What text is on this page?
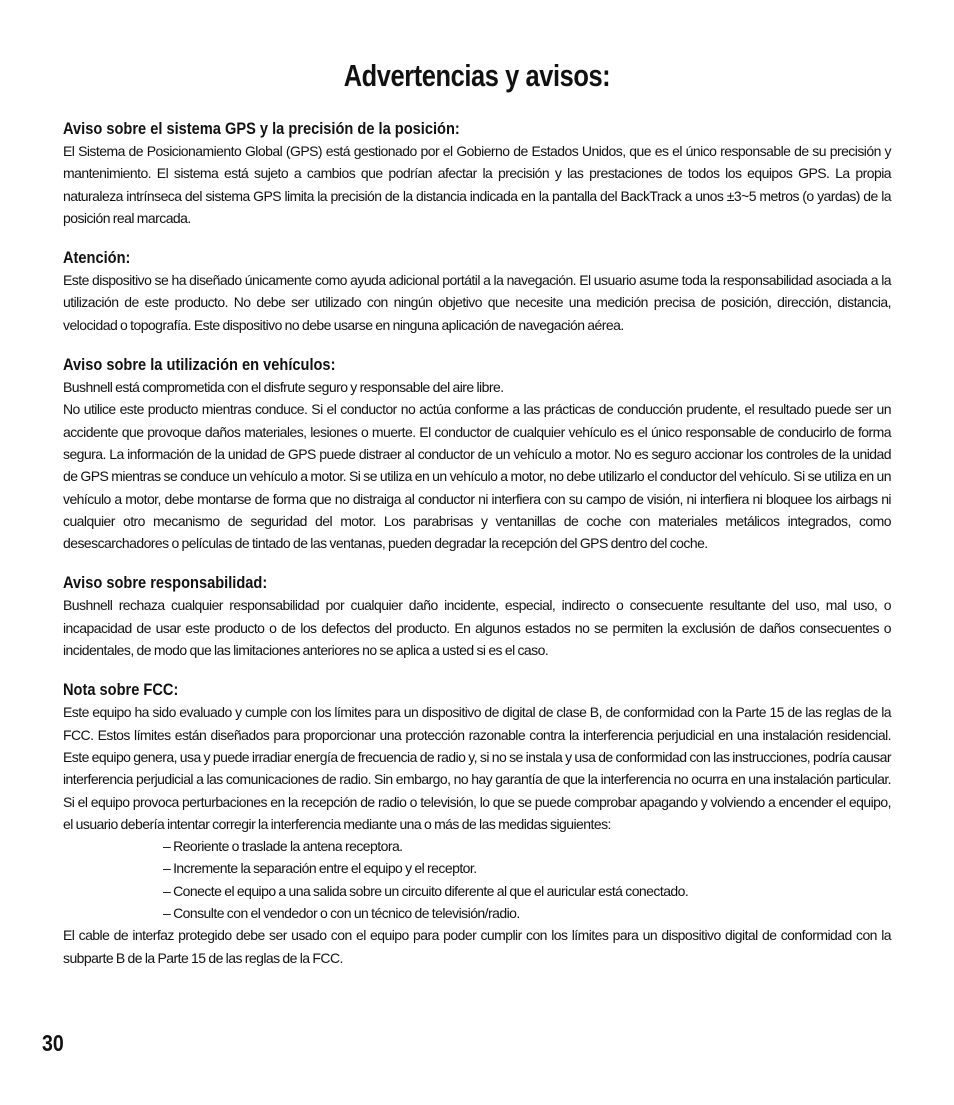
Advertencias y avisos:
Aviso sobre el sistema GPS y la precisión de la posición:

El Sistema de Posicionamiento Global (GPS) está gestionado por el Gobierno de Estados Unidos, que es el único responsable de su precisión y mantenimiento. El sistema está sujeto a cambios que podrían afectar la precisión y las prestaciones de todos los equipos GPS. La propia naturaleza intrínseca del sistema GPS limita la precisión de la distancia indicada en la pantalla del BackTrack a unos ±3~5 metros (o yardas) de la posición real marcada.

Atención:

Este dispositivo se ha diseñado únicamente como ayuda adicional portátil a la navegación. El usuario asume toda la responsabilidad asociada a la utilización de este producto. No debe ser utilizado con ningún objetivo que necesite una medición precisa de posición, dirección, distancia, velocidad o topografía. Este dispositivo no debe usarse en ninguna aplicación de navegación aérea.

Aviso sobre la utilización en vehículos:

Bushnell está comprometida con el disfrute seguro y responsable del aire libre.

No utilice este producto mientras conduce. Si el conductor no actúa conforme a las prácticas de conducción prudente, el resultado puede ser un accidente que provoque daños materiales, lesiones o muerte. El conductor de cualquier vehículo es el único responsable de conducirlo de forma segura. La información de la unidad de GPS puede distraer al conductor de un vehículo a motor. No es seguro accionar los controles de la unidad de GPS mientras se conduce un vehículo a motor. Si se utiliza en un vehículo a motor, no debe utilizarlo el conductor del vehículo. Si se utiliza en un vehículo a motor, debe montarse de forma que no distraiga al conductor ni interfiera con su campo de visión, ni interfiera ni bloquee los airbags ni cualquier otro mecanismo de seguridad del motor. Los parabrisas y ventanillas de coche con materiales metálicos integrados, como desescarchadores o películas de tintado de las ventanas, pueden degradar la recepción del GPS dentro del coche.

Aviso sobre responsabilidad:

Bushnell rechaza cualquier responsabilidad por cualquier daño incidente, especial, indirecto o consecuente resultante del uso, mal uso, o incapacidad de usar este producto o de los defectos del producto. En algunos estados no se permiten la exclusión de daños consecuentes o incidentales, de modo que las limitaciones anteriores no se aplica a usted si es el caso.

Nota sobre FCC:

Este equipo ha sido evaluado y cumple con los límites para un dispositivo de digital de clase B, de conformidad con la Parte 15 de las reglas de la FCC. Estos límites están diseñados para proporcionar una protección razonable contra la interferencia perjudicial en una instalación residencial. Este equipo genera, usa y puede irradiar energía de frecuencia de radio y, si no se instala y usa de conformidad con las instrucciones, podría causar interferencia perjudicial a las comunicaciones de radio. Sin embargo, no hay garantía de que la interferencia no ocurra en una instalación particular. Si el equipo provoca perturbaciones en la recepción de radio o televisión, lo que se puede comprobar apagando y volviendo a encender el equipo, el usuario debería intentar corregir la interferencia mediante una o más de las medidas siguientes:

– Reoriente o traslade la antena receptora.
– Incremente la separación entre el equipo y el receptor.
– Conecte el equipo a una salida sobre un circuito diferente al que el auricular está conectado.
– Consulte con el vendedor o con un técnico de televisión/radio.

El cable de interfaz protegido debe ser usado con el equipo para poder cumplir con los límites para un dispositivo digital de conformidad con la subparte B de la Parte 15 de las reglas de la FCC.

30
